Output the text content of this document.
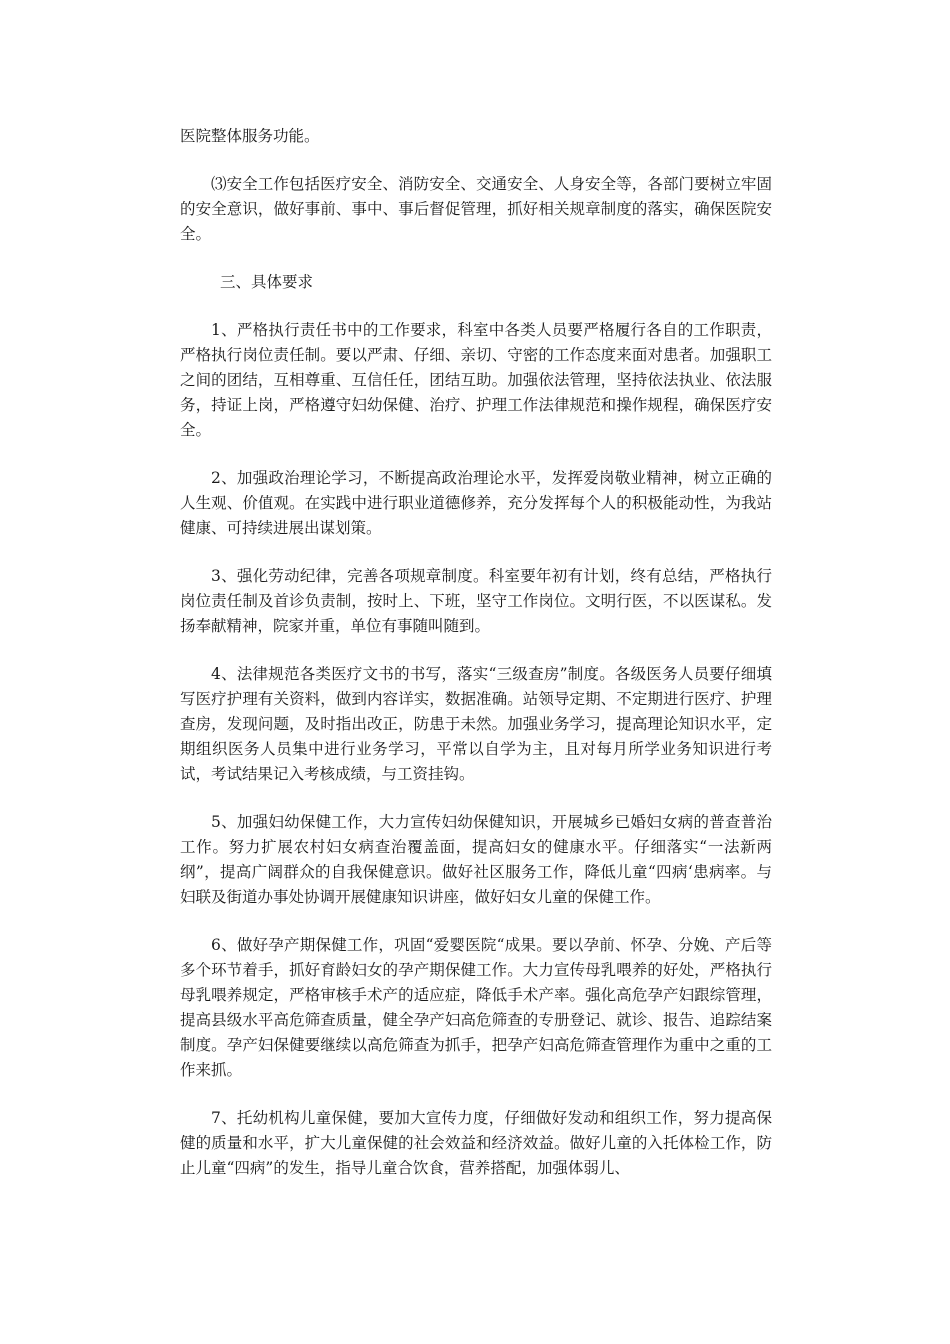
医院整体服务功能。

⑶安全工作包括医疗安全、消防安全、交通安全、人身安全等，各部门要树立牢固的安全意识，做好事前、事中、事后督促管理，抓好相关规章制度的落实，确保医院安全。

三、具体要求

1、严格执行责任书中的工作要求，科室中各类人员要严格履行各自的工作职责，严格执行岗位责任制。要以严肃、仔细、亲切、守密的工作态度来面对患者。加强职工之间的团结，互相尊重、互信任任，团结互助。加强依法管理，坚持依法执业、依法服务，持证上岗，严格遵守妇幼保健、治疗、护理工作法律规范和操作规程，确保医疗安全。

2、加强政治理论学习，不断提高政治理论水平，发挥爱岗敬业精神，树立正确的人生观、价值观。在实践中进行职业道德修养，充分发挥每个人的积极能动性，为我站健康、可持续进展出谋划策。

3、强化劳动纪律，完善各项规章制度。科室要年初有计划，终有总结，严格执行岗位责任制及首诊负责制，按时上、下班，坚守工作岗位。文明行医，不以医谋私。发扬奉献精神，院家并重，单位有事随叫随到。

4、法律规范各类医疗文书的书写，落实“三级查房”制度。各级医务人员要仔细填写医疗护理有关资料，做到内容详实，数据准确。站领导定期、不定期进行医疗、护理查房，发现问题，及时指出改正，防患于未然。加强业务学习，提高理论知识水平，定期组织医务人员集中进行业务学习，平常以自学为主，且对每月所学业务知识进行考试，考试结果记入考核成绩，与工资挂钩。

5、加强妇幼保健工作，大力宣传妇幼保健知识，开展城乡已婚妇女病的普查普治工作。努力扩展农村妇女病查治覆盖面，提高妇女的健康水平。仔细落实“一法新两纲”，提高广阔群众的自我保健意识。做好社区服务工作，降低儿童“四病‘患病率。与妇联及街道办事处协调开展健康知识讲座，做好妇女儿童的保健工作。

6、做好孕产期保健工作，巩固“爱婴医院“成果。要以孕前、怀孕、分娩、产后等多个环节着手，抓好育龄妇女的孕产期保健工作。大力宣传母乳喂养的好处，严格执行母乳喂养规定，严格审核手术产的适应症，降低手术产率。强化高危孕产妇跟综管理，提高县级水平高危筛查质量，健全孕产妇高危筛查的专册登记、就诊、报告、追踪结案制度。孕产妇保健要继续以高危筛查为抓手，把孕产妇高危筛查管理作为重中之重的工作来抓。

7、托幼机构儿童保健，要加大宣传力度，仔细做好发动和组织工作，努力提高保健的质量和水平，扩大儿童保健的社会效益和经济效益。做好儿童的入托体检工作，防止儿童“四病”的发生，指导儿童合饮食，营养搭配，加强体弱儿、
